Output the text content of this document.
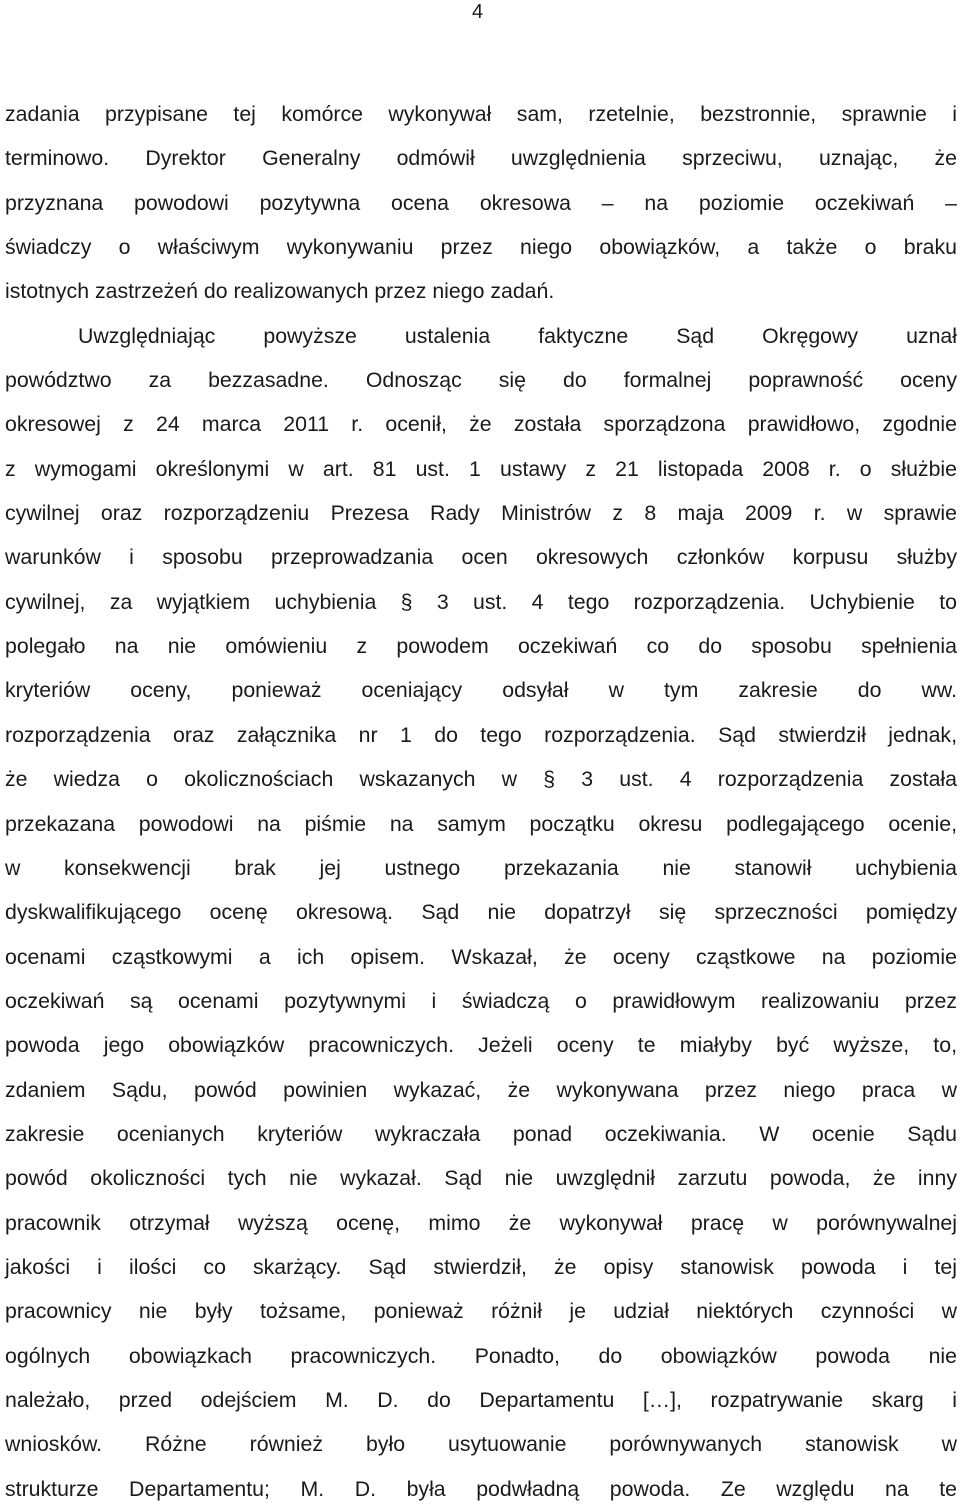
4
zadania przypisane tej komórce wykonywał sam, rzetelnie, bezstronnie, sprawnie i
terminowo. Dyrektor Generalny odmówił uwzględnienia sprzeciwu, uznając, że
przyznana powodowi pozytywna ocena okresowa – na poziomie oczekiwań –
świadczy o właściwym wykonywaniu przez niego obowiązków, a także o braku
istotnych zastrzeżeń do realizowanych przez niego zadań.
Uwzględniając powyższe ustalenia faktyczne Sąd Okręgowy uznał
powództwo za bezzasadne. Odnosząc się do formalnej poprawność oceny
okresowej z 24 marca 2011 r. ocenił, że została sporządzona prawidłowo, zgodnie
z wymogami określonymi w art. 81 ust. 1 ustawy z 21 listopada 2008 r. o służbie
cywilnej oraz rozporządzeniu Prezesa Rady Ministrów z 8 maja 2009 r. w sprawie
warunków i sposobu przeprowadzania ocen okresowych członków korpusu służby
cywilnej, za wyjątkiem uchybienia § 3 ust. 4 tego rozporządzenia. Uchybienie to
polegało na nie omówieniu z powodem oczekiwań co do sposobu spełnienia
kryteriów oceny, ponieważ oceniający odsyłał w tym zakresie do ww.
rozporządzenia oraz załącznika nr 1 do tego rozporządzenia. Sąd stwierdził jednak,
że wiedza o okolicznościach wskazanych w § 3 ust. 4 rozporządzenia została
przekazana powodowi na piśmie na samym początku okresu podlegającego ocenie,
w konsekwencji brak jej ustnego przekazania nie stanowił uchybienia
dyskwalifikującego ocenę okresową. Sąd nie dopatrzył się sprzeczności pomiędzy
ocenami cząstkowymi a ich opisem. Wskazał, że oceny cząstkowe na poziomie
oczekiwań są ocenami pozytywnymi i świadczą o prawidłowym realizowaniu przez
powoda jego obowiązków pracowniczych. Jeżeli oceny te miałyby być wyższe, to,
zdaniem Sądu, powód powinien wykazać, że wykonywana przez niego praca w
zakresie ocenianych kryteriów wykraczała ponad oczekiwania. W ocenie Sądu
powód okoliczności tych nie wykazał. Sąd nie uwzględnił zarzutu powoda, że inny
pracownik otrzymał wyższą ocenę, mimo że wykonywał pracę w porównywalnej
jakości i ilości co skarżący. Sąd stwierdził, że opisy stanowisk powoda i tej
pracownicy nie były tożsame, ponieważ różnił je udział niektórych czynności w
ogólnych obowiązkach pracowniczych. Ponadto, do obowiązków powoda nie
należało, przed odejściem M. D. do Departamentu […], rozpatrywanie skarg i
wniosków. Różne również było usytuowanie porównywanych stanowisk w
strukturze Departamentu; M. D. była podwładną powoda. Ze względu na te
